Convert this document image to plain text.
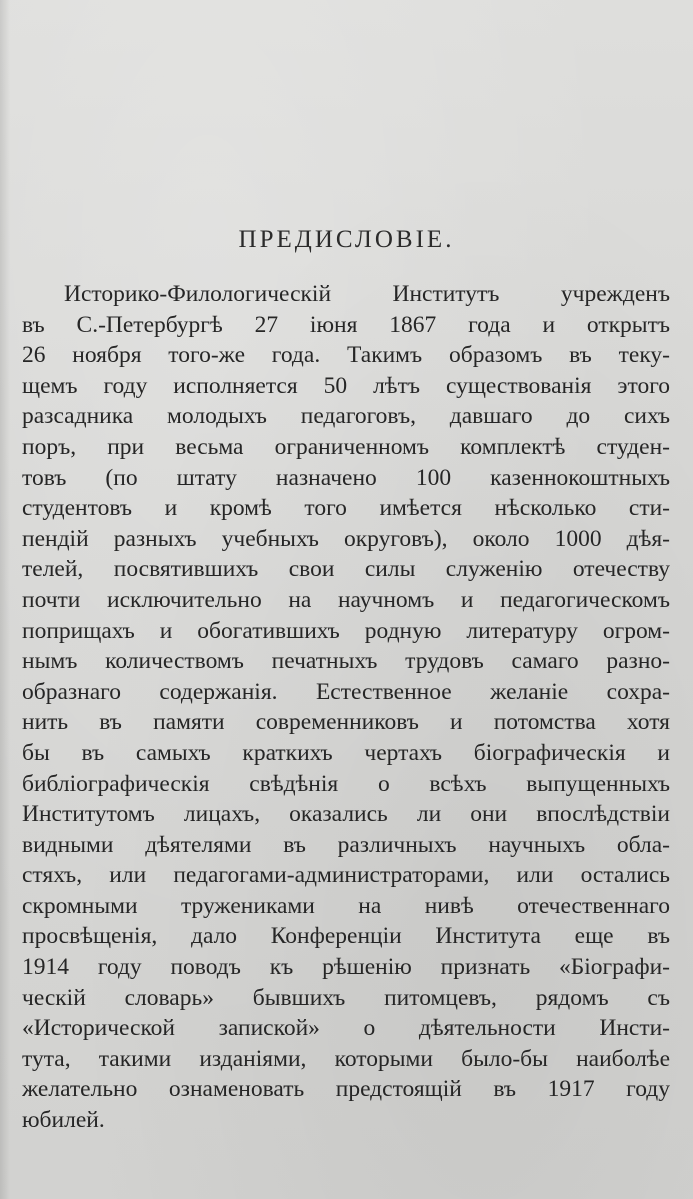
ПРЕДИСЛОВІЕ.
Историко-Филологическій Институтъ учрежденъ
въ С.-Петербургѣ 27 іюня 1867 года и открытъ
26 ноября того-же года. Такимъ образомъ въ теку-
щемъ году исполняется 50 лѣтъ существованія этого
разсадника молодыхъ педагоговъ, давшаго до сихъ
поръ, при весьма ограниченномъ комплектѣ студен-
товъ (по штату назначено 100 казеннокоштныхъ
студентовъ и кромѣ того имѣется нѣсколько сти-
пендій разныхъ учебныхъ округовъ), около 1000 дѣя-
телей, посвятившихъ свои силы служенію отечеству
почти исключительно на научномъ и педагогическомъ
поприщахъ и обогатившихъ родную литературу огром-
нымъ количествомъ печатныхъ трудовъ самаго разно-
образнаго содержанія. Естественное желаніе сохра-
нить въ памяти современниковъ и потомства хотя
бы въ самыхъ краткихъ чертахъ біографическія и
библіографическія свѣдѣнія о всѣхъ выпущенныхъ
Институтомъ лицахъ, оказались ли они впослѣдствіи
видными дѣятелями въ различныхъ научныхъ обла-
стяхъ, или педагогами-администраторами, или остались
скромными тружениками на нивѣ отечественнаго
просвѣщенія, дало Конференціи Института еще въ
1914 году поводъ къ рѣшенію признать «Біографи-
ческій словарь» бывшихъ питомцевъ, рядомъ съ
«Исторической запиской» о дѣятельности Инсти-
тута, такими изданіями, которыми было-бы наиболѣе
желательно ознаменовать предстоящій въ 1917 году
юбилей.
